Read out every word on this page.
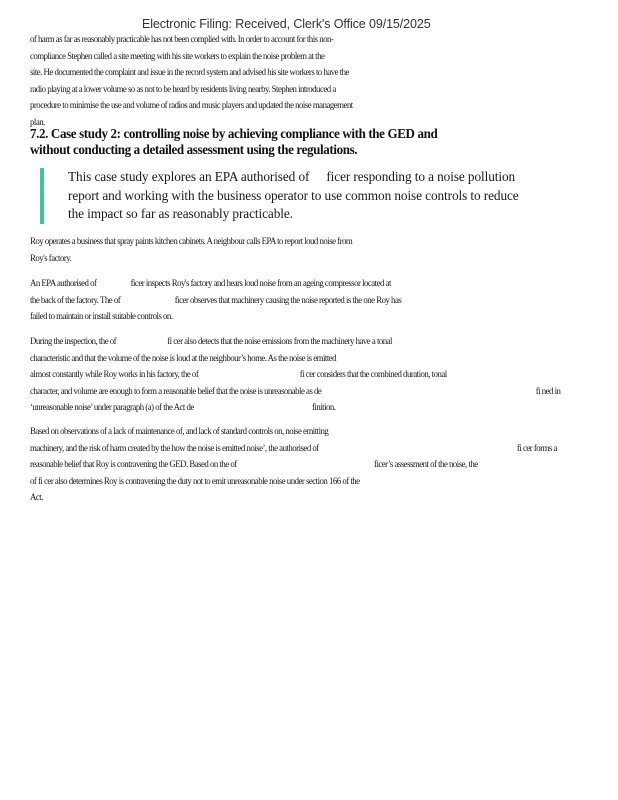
Electronic Filing: Received, Clerk's Office 09/15/2025

of harm as far as reasonably practicable has not been complied with. In order to account for this non-
compliance Stephen called a site meeting with his site workers to explain the noise problem at the
site. He documented the complaint and issue in the record system and advised his site workers to have the
radio playing at a lower volume so as not to be heard by residents living nearby. Stephen introduced a
procedure to minimise the use and volume of radios and music players and updated the noise management
plan.
7.2. Case study 2: controlling noise by achieving compliance with the GED and
without conducting a detailed assessment using the regulations.
This case study explores an EPA authorised of ficer responding to a noise pollution
report and working with the business operator to use common noise controls to reduce
the impact so far as reasonably practicable.
Roy operates a business that spray paints kitchen cabinets. A neighbour calls EPA to report loud noise from
Roy's factory.
An EPA authorised of	ficer inspects Roy's factory and hears loud noise from an ageing compressor located at
the back of the factory. The of	ficer observes that machinery causing the noise reported is the one Roy has
failed to maintain or install suitable controls on.
During the inspection, the of	fi cer also detects that the noise emissions from the machinery have a tonal
characteristic and that the volume of the noise is loud at the neighbour’s home. As the noise is emitted
almost constantly while Roy works in his factory, the of	fi cer considers that the combined duration, tonal
character, and volume are enough to form a reasonable belief that the noise is unreasonable as de	fi ned in
‘unreasonable noise’ under paragraph (a) of the Act de	finition.
Based on observations of a lack of maintenance of, and lack of standard controls on, noise emitting
machinery, and the risk of harm created by the how the noise is emitted noise’, the authorised of	fi cer forms a
reasonable belief that Roy is contravening the GED. Based on the of	ficer’s assessment of the noise, the
of fi cer also determines Roy is contravening the duty not to emit unreasonable noise under section 166 of the
Act.
